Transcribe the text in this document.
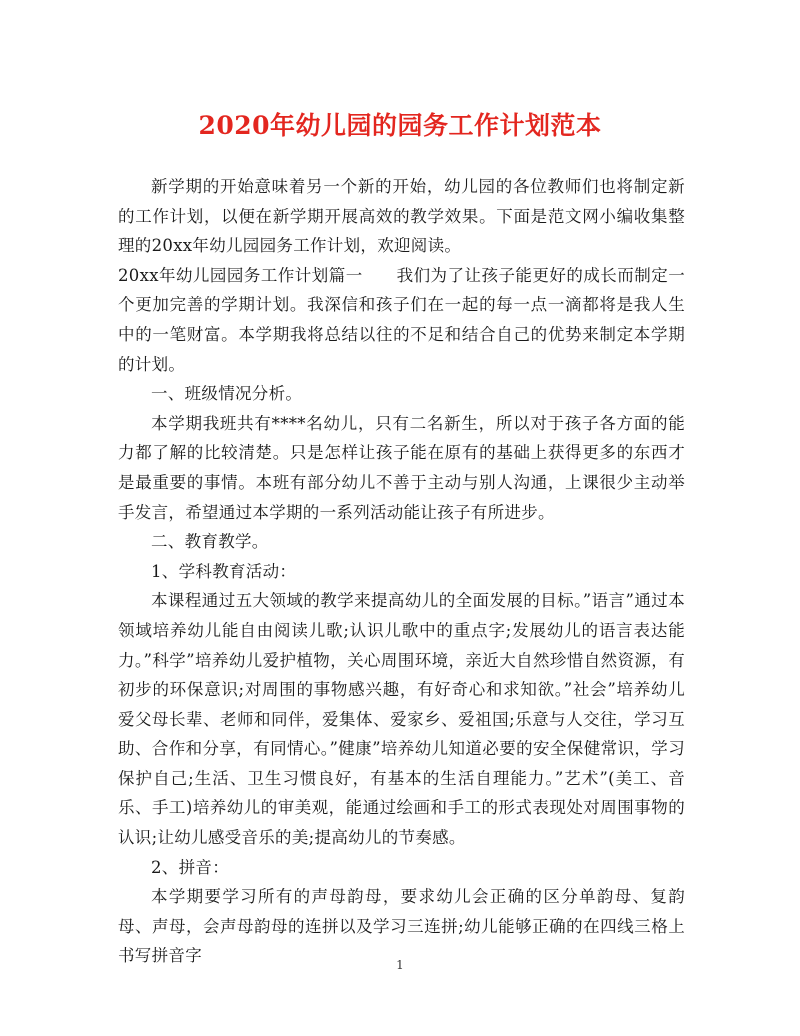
2020年幼儿园的园务工作计划范本

新学期的开始意味着另一个新的开始，幼儿园的各位教师们也将制定新的工作计划，以便在新学期开展高效的教学效果。下面是范文网小编收集整理的20xx年幼儿园园务工作计划，欢迎阅读。

20xx年幼儿园园务工作计划篇一　　我们为了让孩子能更好的成长而制定一个更加完善的学期计划。我深信和孩子们在一起的每一点一滴都将是我人生中的一笔财富。本学期我将总结以往的不足和结合自己的优势来制定本学期的计划。

一、班级情况分析。

本学期我班共有****名幼儿，只有二名新生，所以对于孩子各方面的能力都了解的比较清楚。只是怎样让孩子能在原有的基础上获得更多的东西才是最重要的事情。本班有部分幼儿不善于主动与别人沟通，上课很少主动举手发言，希望通过本学期的一系列活动能让孩子有所进步。

二、教育教学。

1、学科教育活动：

本课程通过五大领域的教学来提高幼儿的全面发展的目标。”语言”通过本领域培养幼儿能自由阅读儿歌;认识儿歌中的重点字;发展幼儿的语言表达能力。”科学”培养幼儿爱护植物，关心周围环境，亲近大自然珍惜自然资源，有初步的环保意识;对周围的事物感兴趣，有好奇心和求知欲。”社会”培养幼儿爱父母长辈、老师和同伴，爱集体、爱家乡、爱祖国;乐意与人交往，学习互助、合作和分享，有同情心。”健康”培养幼儿知道必要的安全保健常识，学习保护自己;生活、卫生习惯良好，有基本的生活自理能力。”艺术”(美工、音乐、手工)培养幼儿的审美观，能通过绘画和手工的形式表现处对周围事物的认识;让幼儿感受音乐的美;提高幼儿的节奏感。

2、拼音：

本学期要学习所有的声母韵母，要求幼儿会正确的区分单韵母、复韵母、声母，会声母韵母的连拼以及学习三连拼;幼儿能够正确的在四线三格上书写拼音字	1
